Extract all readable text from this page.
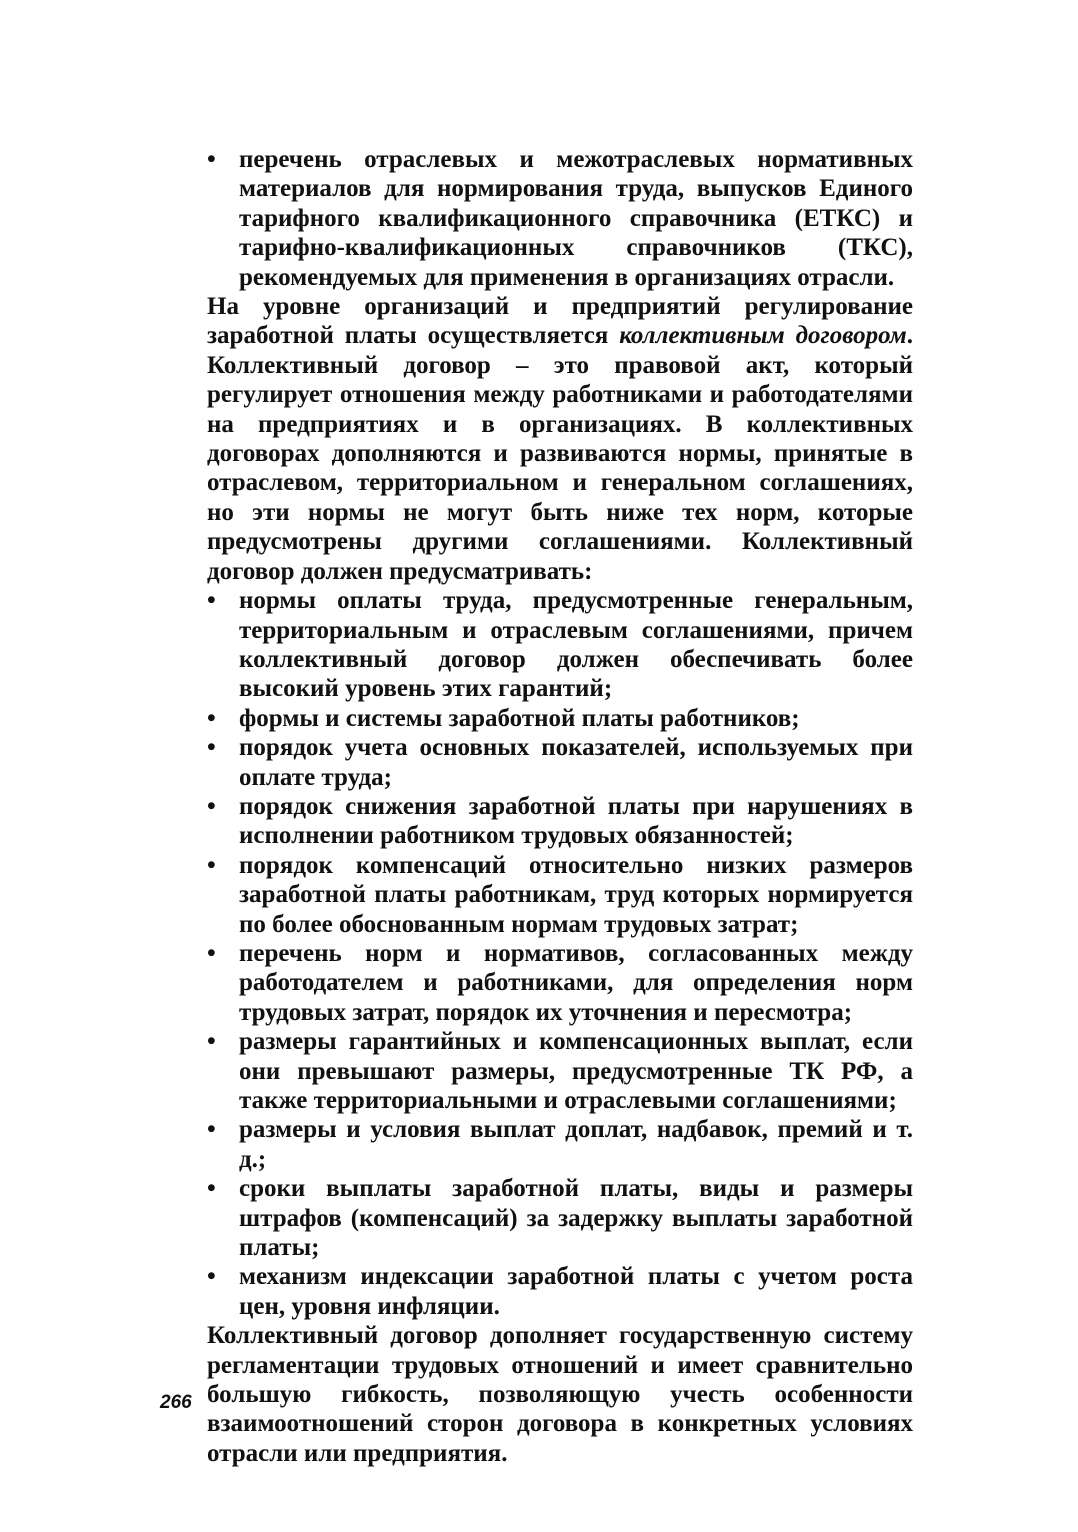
• перечень отраслевых и межотраслевых нормативных материалов для нормирования труда, выпусков Единого тарифного квалификационного справочника (ЕТКС) и тарифно-квалификационных справочников (ТКС), рекомендуемых для применения в организациях отрасли.

На уровне организаций и предприятий регулирование заработной платы осуществляется коллективным договором. Коллективный договор – это правовой акт, который регулирует отношения между работниками и работодателями на предприятиях и в организациях. В коллективных договорах дополняются и развиваются нормы, принятые в отраслевом, территориальном и генеральном соглашениях, но эти нормы не могут быть ниже тех норм, которые предусмотрены другими соглашениями. Коллективный договор должен предусматривать:

• нормы оплаты труда, предусмотренные генеральным, территориальным и отраслевым соглашениями, причем коллективный договор должен обеспечивать более высокий уровень этих гарантий;
• формы и системы заработной платы работников;
• порядок учета основных показателей, используемых при оплате труда;
• порядок снижения заработной платы при нарушениях в исполнении работником трудовых обязанностей;
• порядок компенсаций относительно низких размеров заработной платы работникам, труд которых нормируется по более обоснованным нормам трудовых затрат;
• перечень норм и нормативов, согласованных между работодателем и работниками, для определения норм трудовых затрат, порядок их уточнения и пересмотра;
• размеры гарантийных и компенсационных выплат, если они превышают размеры, предусмотренные ТК РФ, а также территориальными и отраслевыми соглашениями;
• размеры и условия выплат доплат, надбавок, премий и т. д.;
• сроки выплаты заработной платы, виды и размеры штрафов (компенсаций) за задержку выплаты заработной платы;
• механизм индексации заработной платы с учетом роста цен, уровня инфляции.

Коллективный договор дополняет государственную систему регламентации трудовых отношений и имеет сравнительно большую гибкость, позволяющую учесть особенности взаимоотношений сторон договора в конкретных условиях отрасли или предприятия.

266
